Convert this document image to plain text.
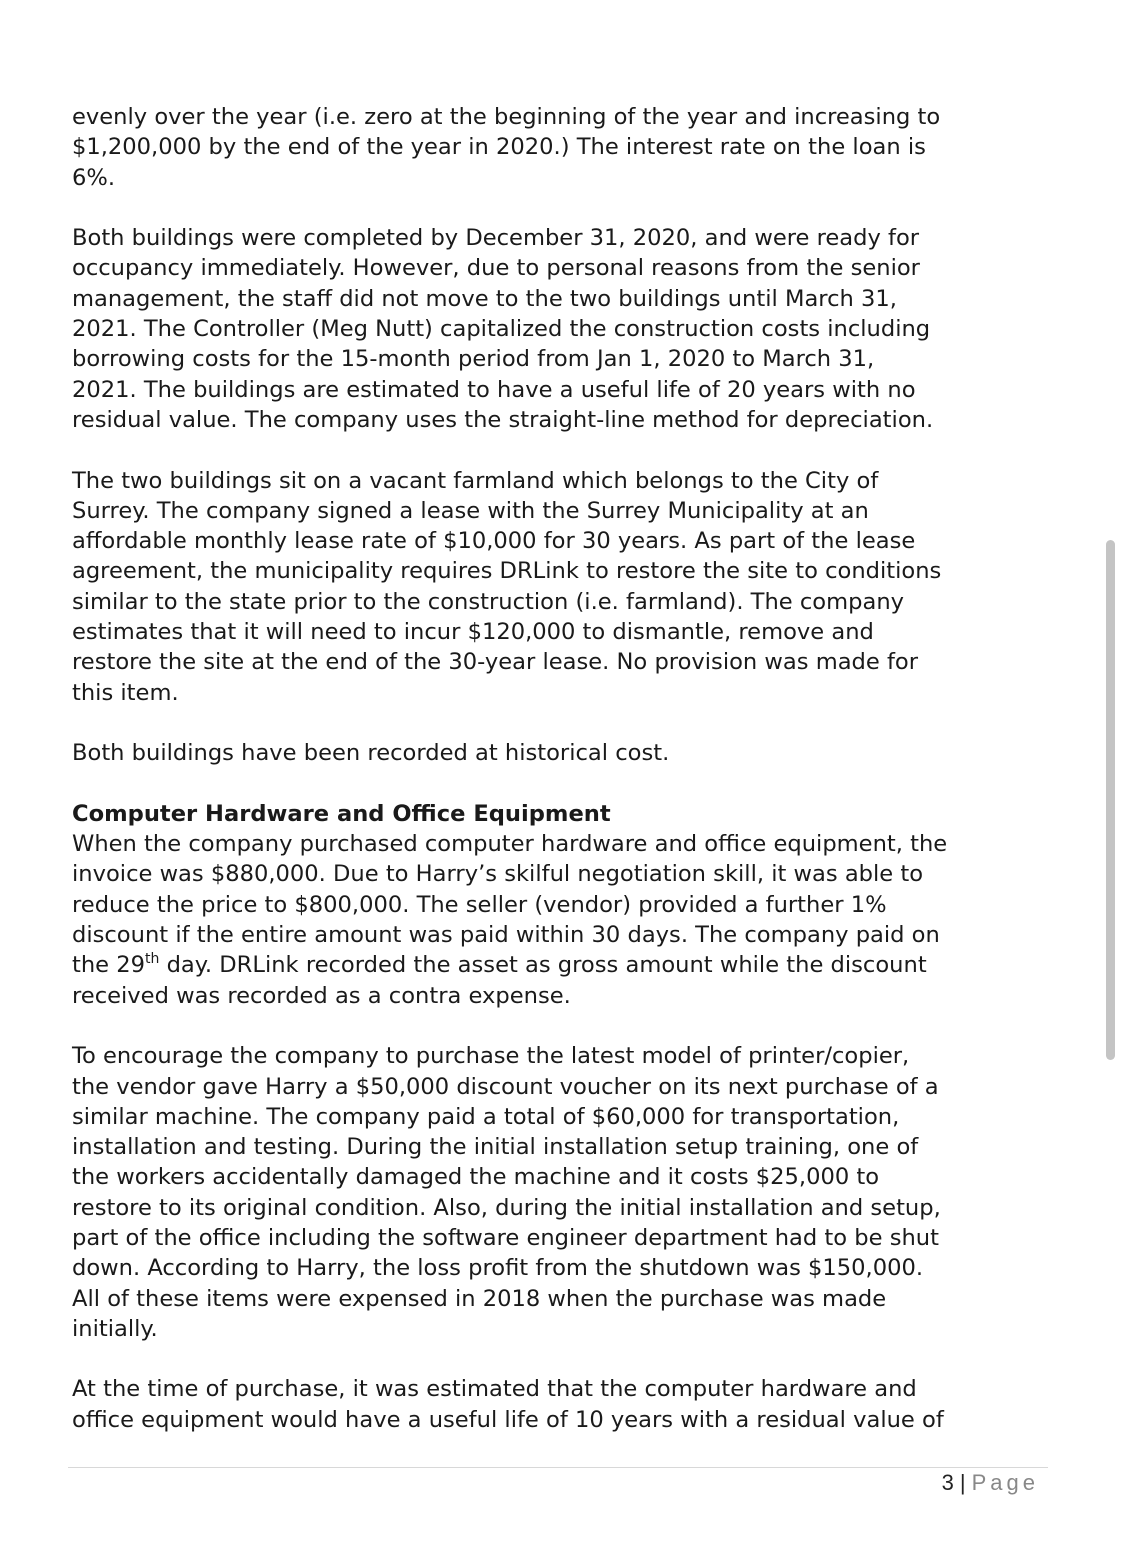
evenly over the year (i.e. zero at the beginning of the year and increasing to
$1,200,000 by the end of the year in 2020.) The interest rate on the loan is
6%.
Both buildings were completed by December 31, 2020, and were ready for
occupancy immediately. However, due to personal reasons from the senior
management, the staff did not move to the two buildings until March 31,
2021. The Controller (Meg Nutt) capitalized the construction costs including
borrowing costs for the 15-month period from Jan 1, 2020 to March 31,
2021. The buildings are estimated to have a useful life of 20 years with no
residual value. The company uses the straight-line method for depreciation.
The two buildings sit on a vacant farmland which belongs to the City of
Surrey. The company signed a lease with the Surrey Municipality at an
affordable monthly lease rate of $10,000 for 30 years. As part of the lease
agreement, the municipality requires DRLink to restore the site to conditions
similar to the state prior to the construction (i.e. farmland). The company
estimates that it will need to incur $120,000 to dismantle, remove and
restore the site at the end of the 30-year lease. No provision was made for
this item.
Both buildings have been recorded at historical cost.
Computer Hardware and Office Equipment
When the company purchased computer hardware and office equipment, the
invoice was $880,000. Due to Harry’s skilful negotiation skill, it was able to
reduce the price to $800,000. The seller (vendor) provided a further 1%
discount if the entire amount was paid within 30 days. The company paid on
the 29th day. DRLink recorded the asset as gross amount while the discount
received was recorded as a contra expense.
To encourage the company to purchase the latest model of printer/copier,
the vendor gave Harry a $50,000 discount voucher on its next purchase of a
similar machine. The company paid a total of $60,000 for transportation,
installation and testing. During the initial installation setup training, one of
the workers accidentally damaged the machine and it costs $25,000 to
restore to its original condition. Also, during the initial installation and setup,
part of the office including the software engineer department had to be shut
down. According to Harry, the loss profit from the shutdown was $150,000.
All of these items were expensed in 2018 when the purchase was made
initially.
At the time of purchase, it was estimated that the computer hardware and
office equipment would have a useful life of 10 years with a residual value of
3 | Page
